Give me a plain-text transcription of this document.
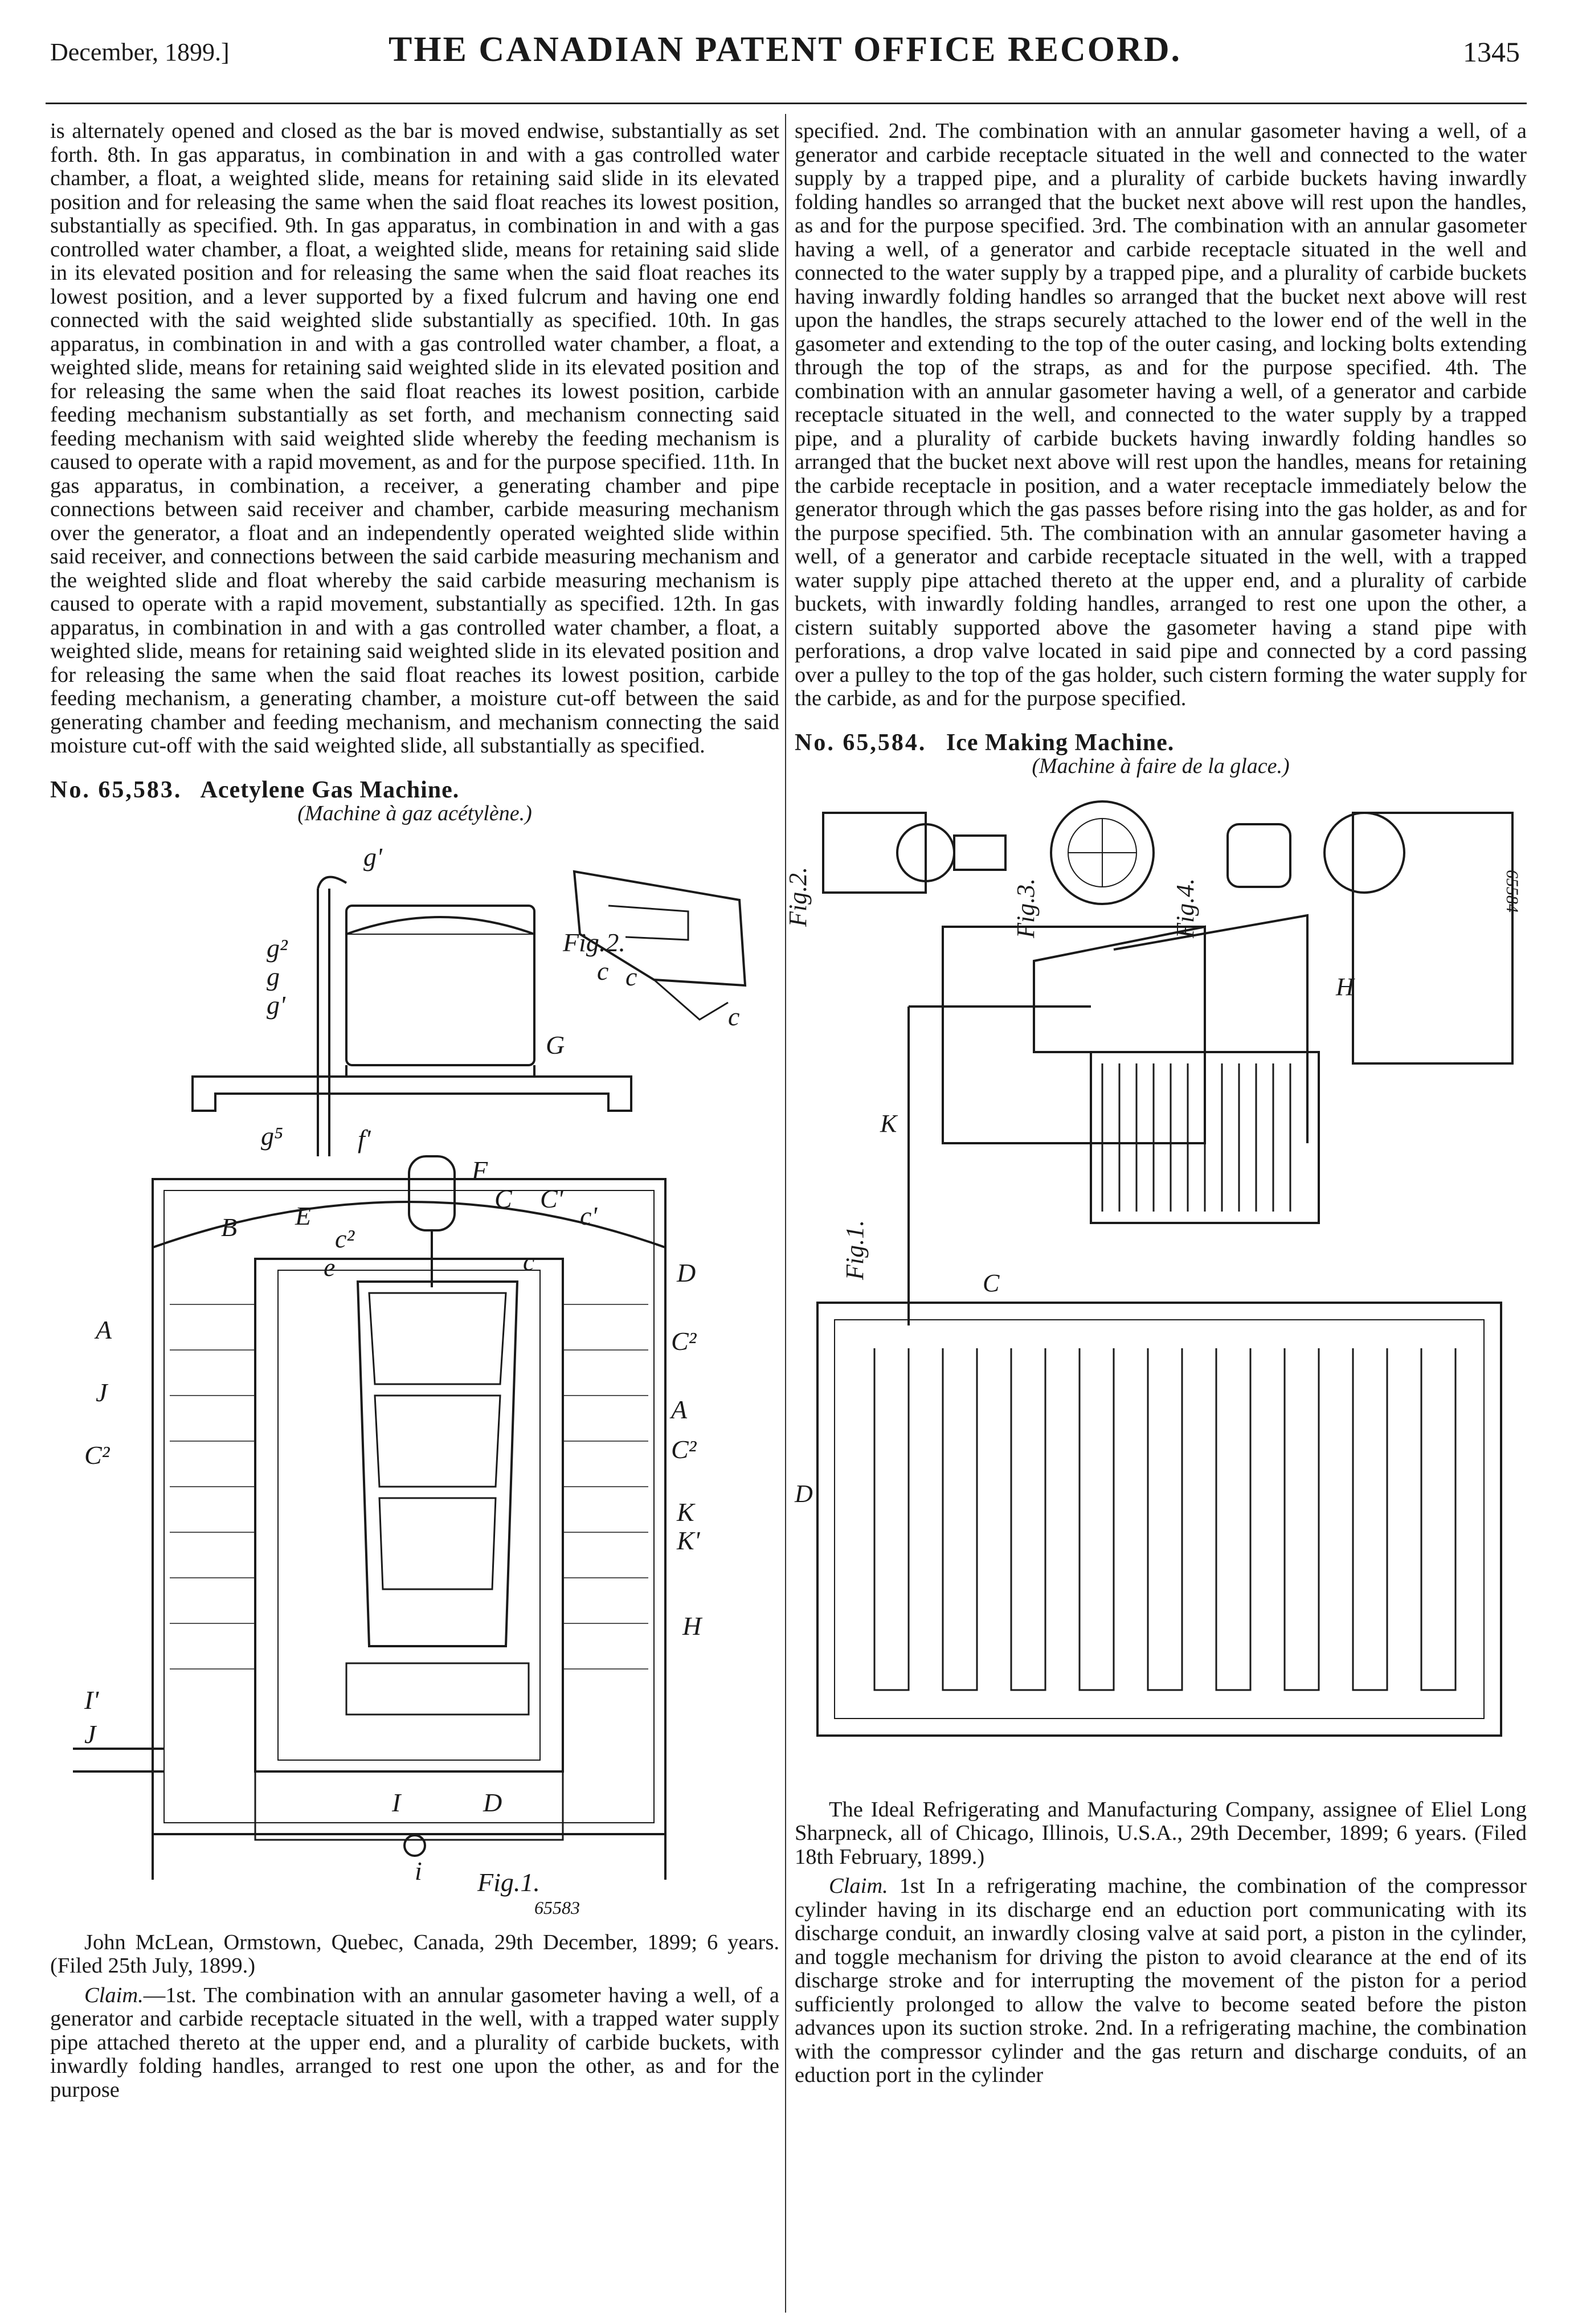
December, 1899.]	THE CANADIAN PATENT OFFICE RECORD.	1345

is alternately opened and closed as the bar is moved endwise, substantially as set forth. 8th. In gas apparatus, in combination in and with a gas controlled water chamber, a float, a weighted slide, means for retaining said slide in its elevated position and for releasing the same when the said float reaches its lowest position, substantially as specified. 9th. In gas apparatus, in combination in and with a gas controlled water chamber, a float, a weighted slide, means for retaining said slide in its elevated position and for releasing the same when the said float reaches its lowest position, and a lever supported by a fixed fulcrum and having one end connected with the said weighted slide substantially as specified. 10th. In gas apparatus, in combination in and with a gas controlled water chamber, a float, a weighted slide, means for retaining said weighted slide in its elevated position and for releasing the same when the said float reaches its lowest position, carbide feeding mechanism substantially as set forth, and mechanism connecting said feeding mechanism with said weighted slide whereby the feeding mechanism is caused to operate with a rapid movement, as and for the purpose specified. 11th. In gas apparatus, in combination, a receiver, a generating chamber and pipe connections between said receiver and chamber, carbide measuring mechanism over the generator, a float and an independently operated weighted slide within said receiver, and connections between the said carbide measuring mechanism and the weighted slide and float whereby the said carbide measuring mechanism is caused to operate with a rapid movement, substantially as specified. 12th. In gas apparatus, in combination in and with a gas controlled water chamber, a float, a weighted slide, means for retaining said weighted slide in its elevated position and for releasing the same when the said float reaches its lowest position, carbide feeding mechanism, a generating chamber, a moisture cut-off between the said generating chamber and feeding mechanism, and mechanism connecting the said moisture cut-off with the said weighted slide, all substantially as specified.

No. 65,583. Acetylene Gas Machine.

(Machine à gaz acétylène.)

g'
g²
g
g'
G
g⁵	f'
c c
c
Fig.2.
F
C C'
c'
B E
c²
c
e	D
A	C²
J
A
C²	C²
K
K'
H
I'
J
I	D
i Fig.1.
65583

John McLean, Ormstown, Quebec, Canada, 29th December, 1899; 6 years. (Filed 25th July, 1899.)

Claim.—1st. The combination with an annular gasometer having a well, of a generator and carbide receptacle situated in the well, with a trapped water supply pipe attached thereto at the upper end, and a plurality of carbide buckets, with inwardly folding handles, arranged to rest one upon the other, as and for the purpose

specified. 2nd. The combination with an annular gasometer having a well, of a generator and carbide receptacle situated in the well and connected to the water supply by a trapped pipe, and a plurality of carbide buckets having inwardly folding handles so arranged that the bucket next above will rest upon the handles, as and for the purpose specified. 3rd. The combination with an annular gasometer having a well, of a generator and carbide receptacle situated in the well and connected to the water supply by a trapped pipe, and a plurality of carbide buckets having inwardly folding handles so arranged that the bucket next above will rest upon the handles, the straps securely attached to the lower end of the well in the gasometer and extending to the top of the outer casing, and locking bolts extending through the top of the straps, as and for the purpose specified. 4th. The combination with an annular gasometer having a well, of a generator and carbide receptacle situated in the well, and connected to the water supply by a trapped pipe, and a plurality of carbide buckets having inwardly folding handles so arranged that the bucket next above will rest upon the handles, means for retaining the carbide receptacle in position, and a water receptacle immediately below the generator through which the gas passes before rising into the gas holder, as and for the purpose specified. 5th. The combination with an annular gasometer having a well, of a generator and carbide receptacle situated in the well, with a trapped water supply pipe attached thereto at the upper end, and a plurality of carbide buckets, with inwardly folding handles, arranged to rest one upon the other, a cistern suitably supported above the gasometer having a stand pipe with perforations, a drop valve located in said pipe and connected by a cord passing over a pulley to the top of the gas holder, such cistern forming the water supply for the carbide, as and for the purpose specified.

No. 65,584. Ice Making Machine.

(Machine à faire de la glace.)

Fig.2.	Fig.3.	Fig.4.
H
K
Fig.1.
C
D
65584

The Ideal Refrigerating and Manufacturing Company, assignee of Eliel Long Sharpneck, all of Chicago, Illinois, U.S.A., 29th December, 1899; 6 years. (Filed 18th February, 1899.)

Claim. 1st In a refrigerating machine, the combination of the compressor cylinder having in its discharge end an eduction port communicating with its discharge conduit, an inwardly closing valve at said port, a piston in the cylinder, and toggle mechanism for driving the piston to avoid clearance at the end of its discharge stroke and for interrupting the movement of the piston for a period sufficiently prolonged to allow the valve to become seated before the piston advances upon its suction stroke. 2nd. In a refrigerating machine, the combination with the compressor cylinder and the gas return and discharge conduits, of an eduction port in the cylinder
